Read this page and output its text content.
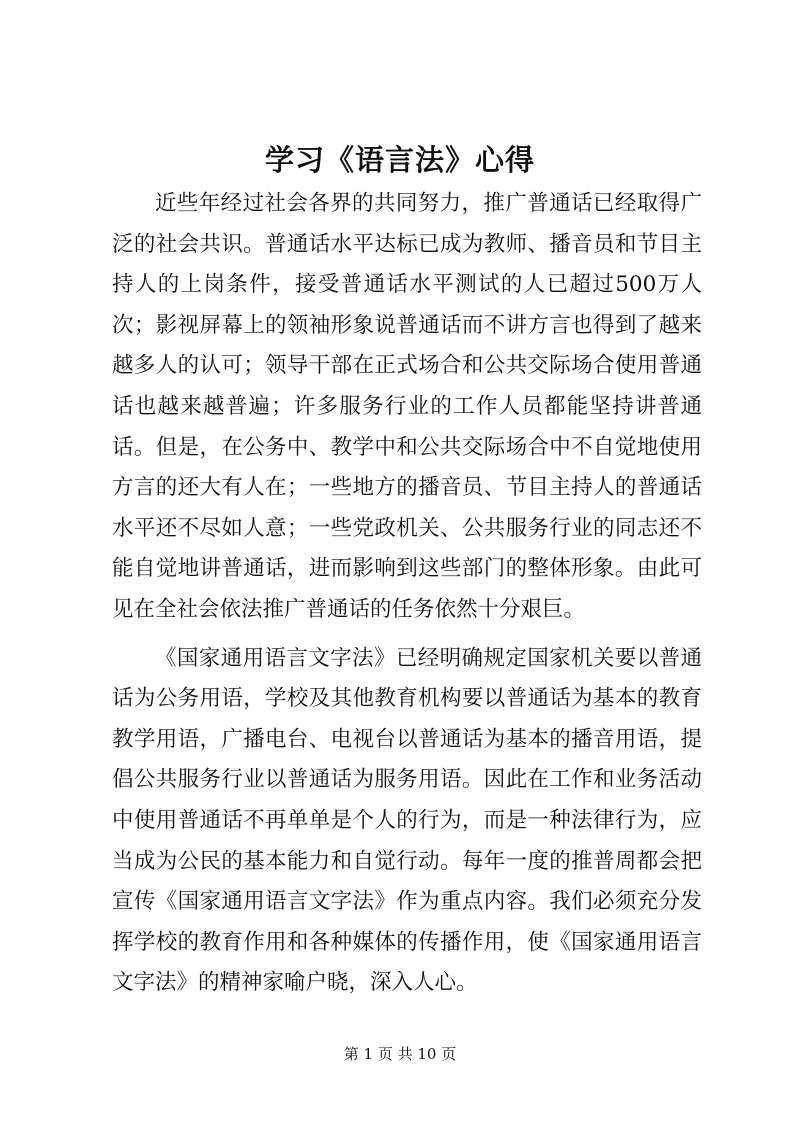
学习《语言法》心得

近些年经过社会各界的共同努力，推广普通话已经取得广泛的社会共识。普通话水平达标已成为教师、播音员和节目主持人的上岗条件，接受普通话水平测试的人已超过500万人次；影视屏幕上的领袖形象说普通话而不讲方言也得到了越来越多人的认可；领导干部在正式场合和公共交际场合使用普通话也越来越普遍；许多服务行业的工作人员都能坚持讲普通话。但是，在公务中、教学中和公共交际场合中不自觉地使用方言的还大有人在；一些地方的播音员、节目主持人的普通话水平还不尽如人意；一些党政机关、公共服务行业的同志还不能自觉地讲普通话，进而影响到这些部门的整体形象。由此可见在全社会依法推广普通话的任务依然十分艰巨。

《国家通用语言文字法》已经明确规定国家机关要以普通话为公务用语，学校及其他教育机构要以普通话为基本的教育教学用语，广播电台、电视台以普通话为基本的播音用语，提倡公共服务行业以普通话为服务用语。因此在工作和业务活动中使用普通话不再单单是个人的行为，而是一种法律行为，应当成为公民的基本能力和自觉行动。每年一度的推普周都会把宣传《国家通用语言文字法》作为重点内容。我们必须充分发挥学校的教育作用和各种媒体的传播作用，使《国家通用语言文字法》的精神家喻户晓，深入人心。

第 1 页 共 10 页
